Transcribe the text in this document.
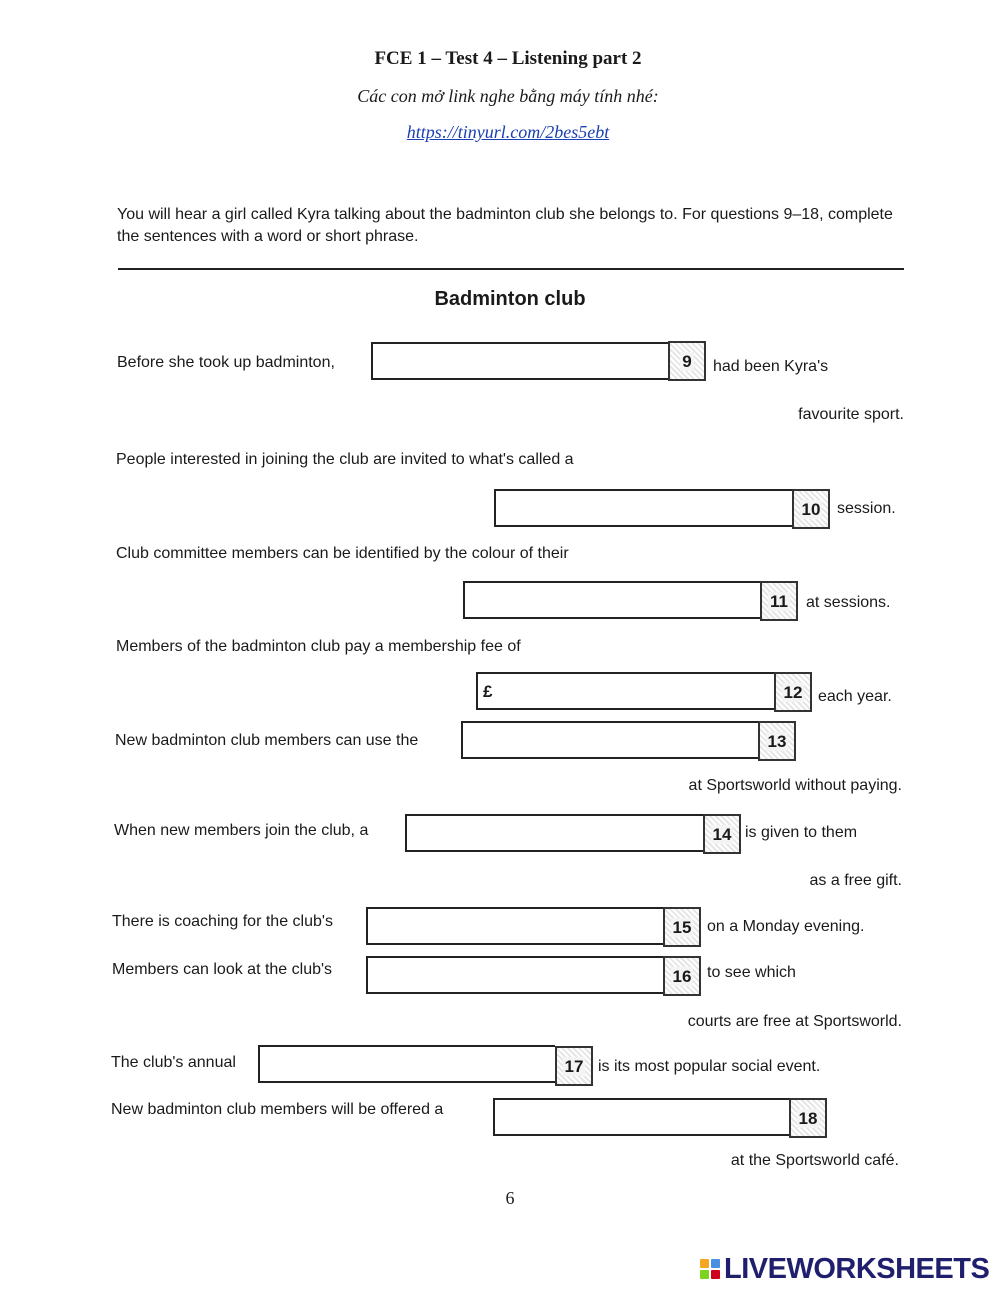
FCE 1 – Test 4 – Listening part 2
Các con mở link nghe bằng máy tính nhé:
https://tinyurl.com/2bes5ebt
You will hear a girl called Kyra talking about the badminton club she belongs to. For questions 9–18, complete the sentences with a word or short phrase.
Badminton club
Before she took up badminton,	9	had been Kyra's
favourite sport.
People interested in joining the club are invited to what's called a
10	session.
Club committee members can be identified by the colour of their
11	at sessions.
Members of the badminton club pay a membership fee of
£	12 each year.
New badminton club members can use the	13
at Sportsworld without paying.
When new members join the club, a	14 is given to them
as a free gift.
There is coaching for the club's	15 on a Monday evening.
Members can look at the club's	16 to see which
courts are free at Sportsworld.
The club's annual	17 is its most popular social event.
New badminton club members will be offered a	18
at the Sportsworld café.
6
LIVEWORKSHEETS
